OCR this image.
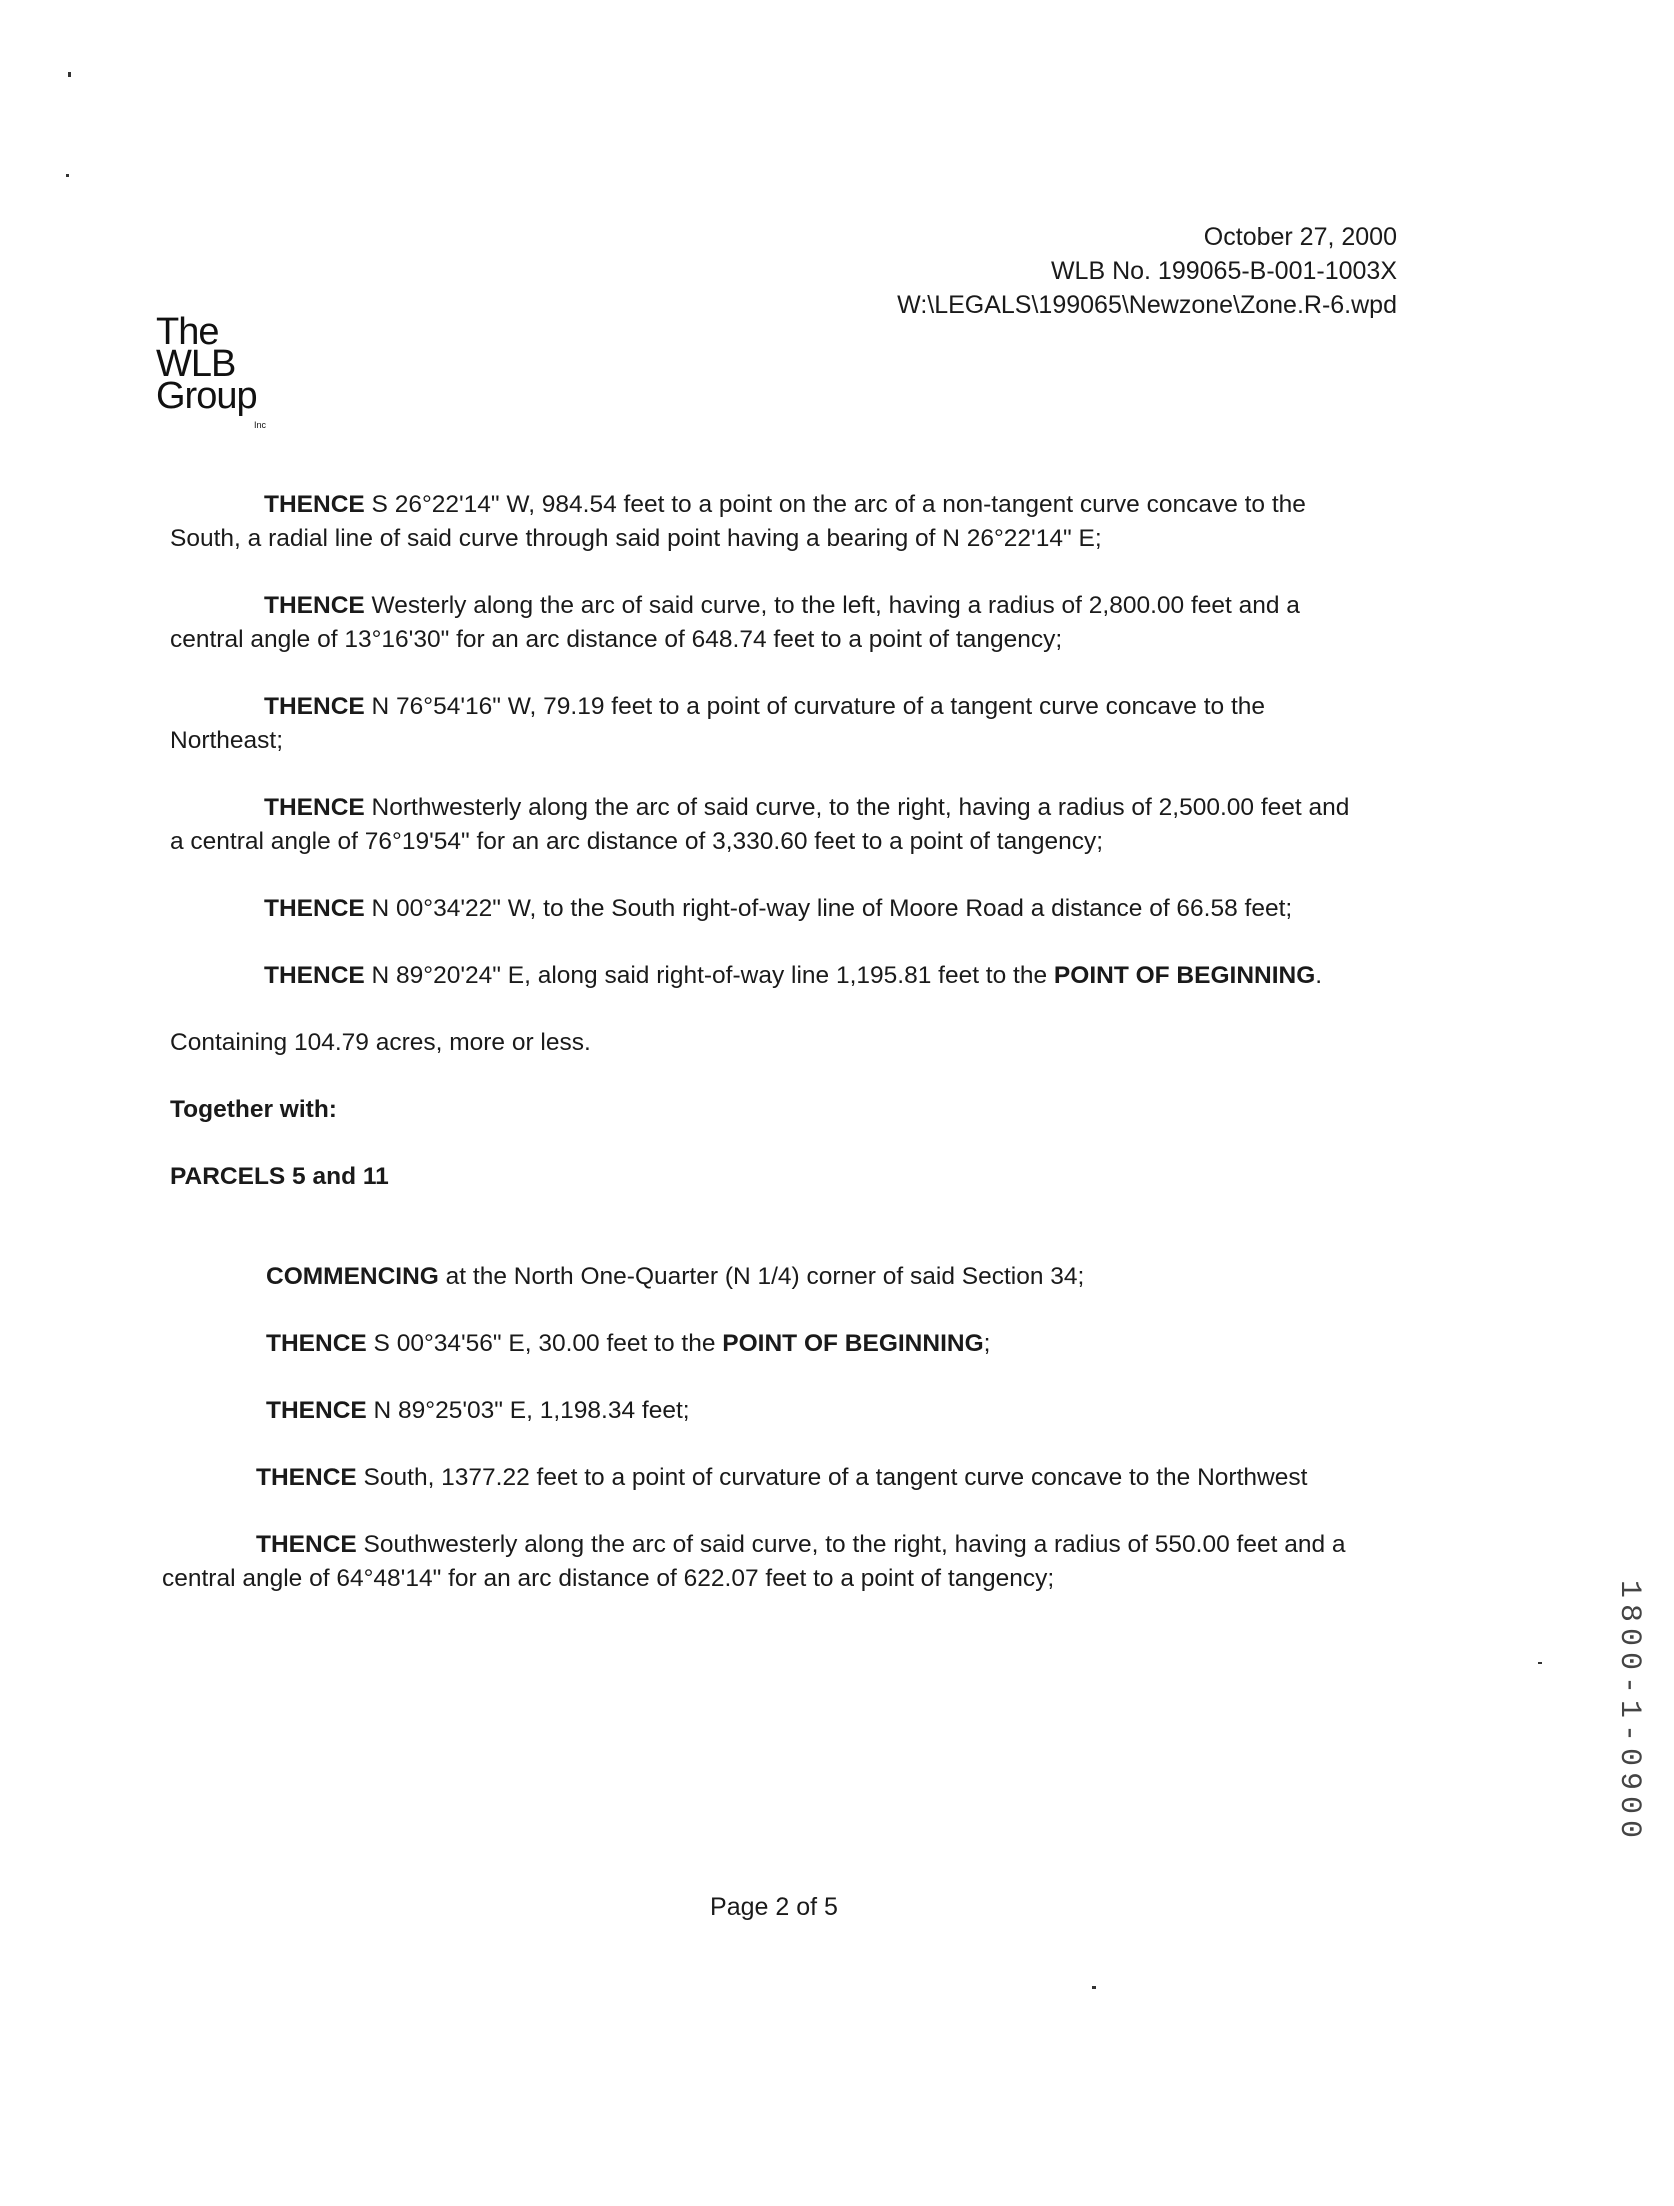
October 27, 2000
WLB No. 199065-B-001-1003X
W:\LEGALS\199065\Newzone\Zone.R-6.wpd
The
WLB
Group
Inc

THENCE S 26°22'14" W, 984.54 feet to a point on the arc of a non-tangent curve concave to the South, a radial line of said curve through said point having a bearing of N 26°22'14" E;

THENCE Westerly along the arc of said curve, to the left, having a radius of 2,800.00 feet and a central angle of 13°16'30" for an arc distance of 648.74 feet to a point of tangency;

THENCE N 76°54'16" W, 79.19 feet to a point of curvature of a tangent curve concave to the Northeast;

THENCE Northwesterly along the arc of said curve, to the right, having a radius of 2,500.00 feet and a central angle of 76°19'54" for an arc distance of 3,330.60 feet to a point of tangency;

THENCE N 00°34'22" W, to the South right-of-way line of Moore Road a distance of 66.58 feet;

THENCE N 89°20'24" E, along said right-of-way line 1,195.81 feet to the POINT OF BEGINNING.

Containing 104.79 acres, more or less.

Together with:

PARCELS 5 and 11

COMMENCING at the North One-Quarter (N 1/4) corner of said Section 34;

THENCE S 00°34'56" E, 30.00 feet to the POINT OF BEGINNING;

THENCE N 89°25'03" E, 1,198.34 feet;

THENCE South, 1377.22 feet to a point of curvature of a tangent curve concave to the Northwest

THENCE Southwesterly along the arc of said curve, to the right, having a radius of 550.00 feet and a central angle of 64°48'14" for an arc distance of 622.07 feet to a point of tangency;

Page 2 of 5
1800-1-0900
